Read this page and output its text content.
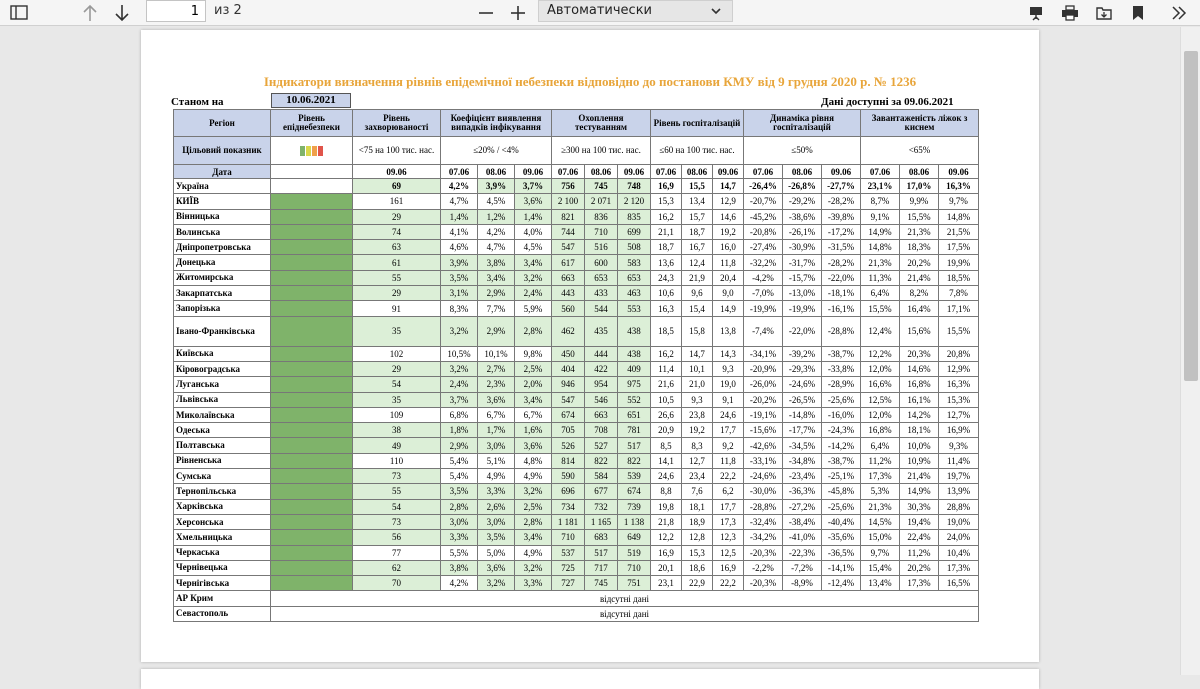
1
из 2	Автоматически
Індикатори визначення рівнів епідемічної небезпеки відповідно до постанови КМУ від 9 грудня 2020 р. № 1236
Станом на	10.06.2021	Дані доступні за 09.06.2021
Регіон	Рівень епіднебезпеки	Рівень захворюваності	Коефіцієнт виявлення випадків інфікування			Охоплення тестуванням			Рівень госпіталізацій			Динаміка рівня госпіталізацій			Завантаженість ліжок з киснем		
Цільовий показник		<75 на 100 тис. нас.	≤20% / <4%			≥300 на 100 тис. нас.			≤60 на 100 тис. нас.			≤50%			<65%		
Дата		09.06	07.06	08.06	09.06	07.06	08.06	09.06	07.06	08.06	09.06	07.06	08.06	09.06	07.06	08.06	09.06
Україна		69	4,2%	3,9%	3,7%	756	745	748	16,9	15,5	14,7	-26,4%	-26,8%	-27,7%	23,1%	17,0%	16,3%
КИЇВ		161	4,7%	4,5%	3,6%	2 100	2 071	2 120	15,3	13,4	12,9	-20,7%	-29,2%	-28,2%	8,7%	9,9%	9,7%
Вінницька		29	1,4%	1,2%	1,4%	821	836	835	16,2	15,7	14,6	-45,2%	-38,6%	-39,8%	9,1%	15,5%	14,8%
Волинська		74	4,1%	4,2%	4,0%	744	710	699	21,1	18,7	19,2	-20,8%	-26,1%	-17,2%	14,9%	21,3%	21,5%
Дніпропетровська		63	4,6%	4,7%	4,5%	547	516	508	18,7	16,7	16,0	-27,4%	-30,9%	-31,5%	14,8%	18,3%	17,5%
Донецька		61	3,9%	3,8%	3,4%	617	600	583	13,6	12,4	11,8	-32,2%	-31,7%	-28,2%	21,3%	20,2%	19,9%
Житомирська		55	3,5%	3,4%	3,2%	663	653	653	24,3	21,9	20,4	-4,2%	-15,7%	-22,0%	11,3%	21,4%	18,5%
Закарпатська		29	3,1%	2,9%	2,4%	443	433	463	10,6	9,6	9,0	-7,0%	-13,0%	-18,1%	6,4%	8,2%	7,8%
Запорізька		91	8,3%	7,7%	5,9%	560	544	553	16,3	15,4	14,9	-19,9%	-19,9%	-16,1%	15,5%	16,4%	17,1%
Івано-Франківська		35	3,2%	2,9%	2,8%	462	435	438	18,5	15,8	13,8	-7,4%	-22,0%	-28,8%	12,4%	15,6%	15,5%
Київська		102	10,5%	10,1%	9,8%	450	444	438	16,2	14,7	14,3	-34,1%	-39,2%	-38,7%	12,2%	20,3%	20,8%
Кіровоградська		29	3,2%	2,7%	2,5%	404	422	409	11,4	10,1	9,3	-20,9%	-29,3%	-33,8%	12,0%	14,6%	12,9%
Луганська		54	2,4%	2,3%	2,0%	946	954	975	21,6	21,0	19,0	-26,0%	-24,6%	-28,9%	16,6%	16,8%	16,3%
Львівська		35	3,7%	3,6%	3,4%	547	546	552	10,5	9,3	9,1	-20,2%	-26,5%	-25,6%	12,5%	16,1%	15,3%
Миколаївська		109	6,8%	6,7%	6,7%	674	663	651	26,6	23,8	24,6	-19,1%	-14,8%	-16,0%	12,0%	14,2%	12,7%
Одеська		38	1,8%	1,7%	1,6%	705	708	781	20,9	19,2	17,7	-15,6%	-17,7%	-24,3%	16,8%	18,1%	16,9%
Полтавська		49	2,9%	3,0%	3,6%	526	527	517	8,5	8,3	9,2	-42,6%	-34,5%	-14,2%	6,4%	10,0%	9,3%
Рівненська		110	5,4%	5,1%	4,8%	814	822	822	14,1	12,7	11,8	-33,1%	-34,8%	-38,7%	11,2%	10,9%	11,4%
Сумська		73	5,4%	4,9%	4,9%	590	584	539	24,6	23,4	22,2	-24,6%	-23,4%	-25,1%	17,3%	21,4%	19,7%
Тернопільська		55	3,5%	3,3%	3,2%	696	677	674	8,8	7,6	6,2	-30,0%	-36,3%	-45,8%	5,3%	14,9%	13,9%
Харківська		54	2,8%	2,6%	2,5%	734	732	739	19,8	18,1	17,7	-28,8%	-27,2%	-25,6%	21,3%	30,3%	28,8%
Херсонська		73	3,0%	3,0%	2,8%	1 181	1 165	1 138	21,8	18,9	17,3	-32,4%	-38,4%	-40,4%	14,5%	19,4%	19,0%
Хмельницька		56	3,3%	3,5%	3,4%	710	683	649	12,2	12,8	12,3	-34,2%	-41,0%	-35,6%	15,0%	22,4%	24,0%
Черкаська		77	5,5%	5,0%	4,9%	537	517	519	16,9	15,3	12,5	-20,3%	-22,3%	-36,5%	9,7%	11,2%	10,4%
Чернівецька		62	3,8%	3,6%	3,2%	725	717	710	20,1	18,6	16,9	-2,2%	-7,2%	-14,1%	15,4%	20,2%	17,3%
Чернігівська		70	4,2%	3,2%	3,3%	727	745	751	23,1	22,9	22,2	-20,3%	-8,9%	-12,4%	13,4%	17,3%	16,5%
АР Крим	відсутні дані																
Севастополь	відсутні дані																
